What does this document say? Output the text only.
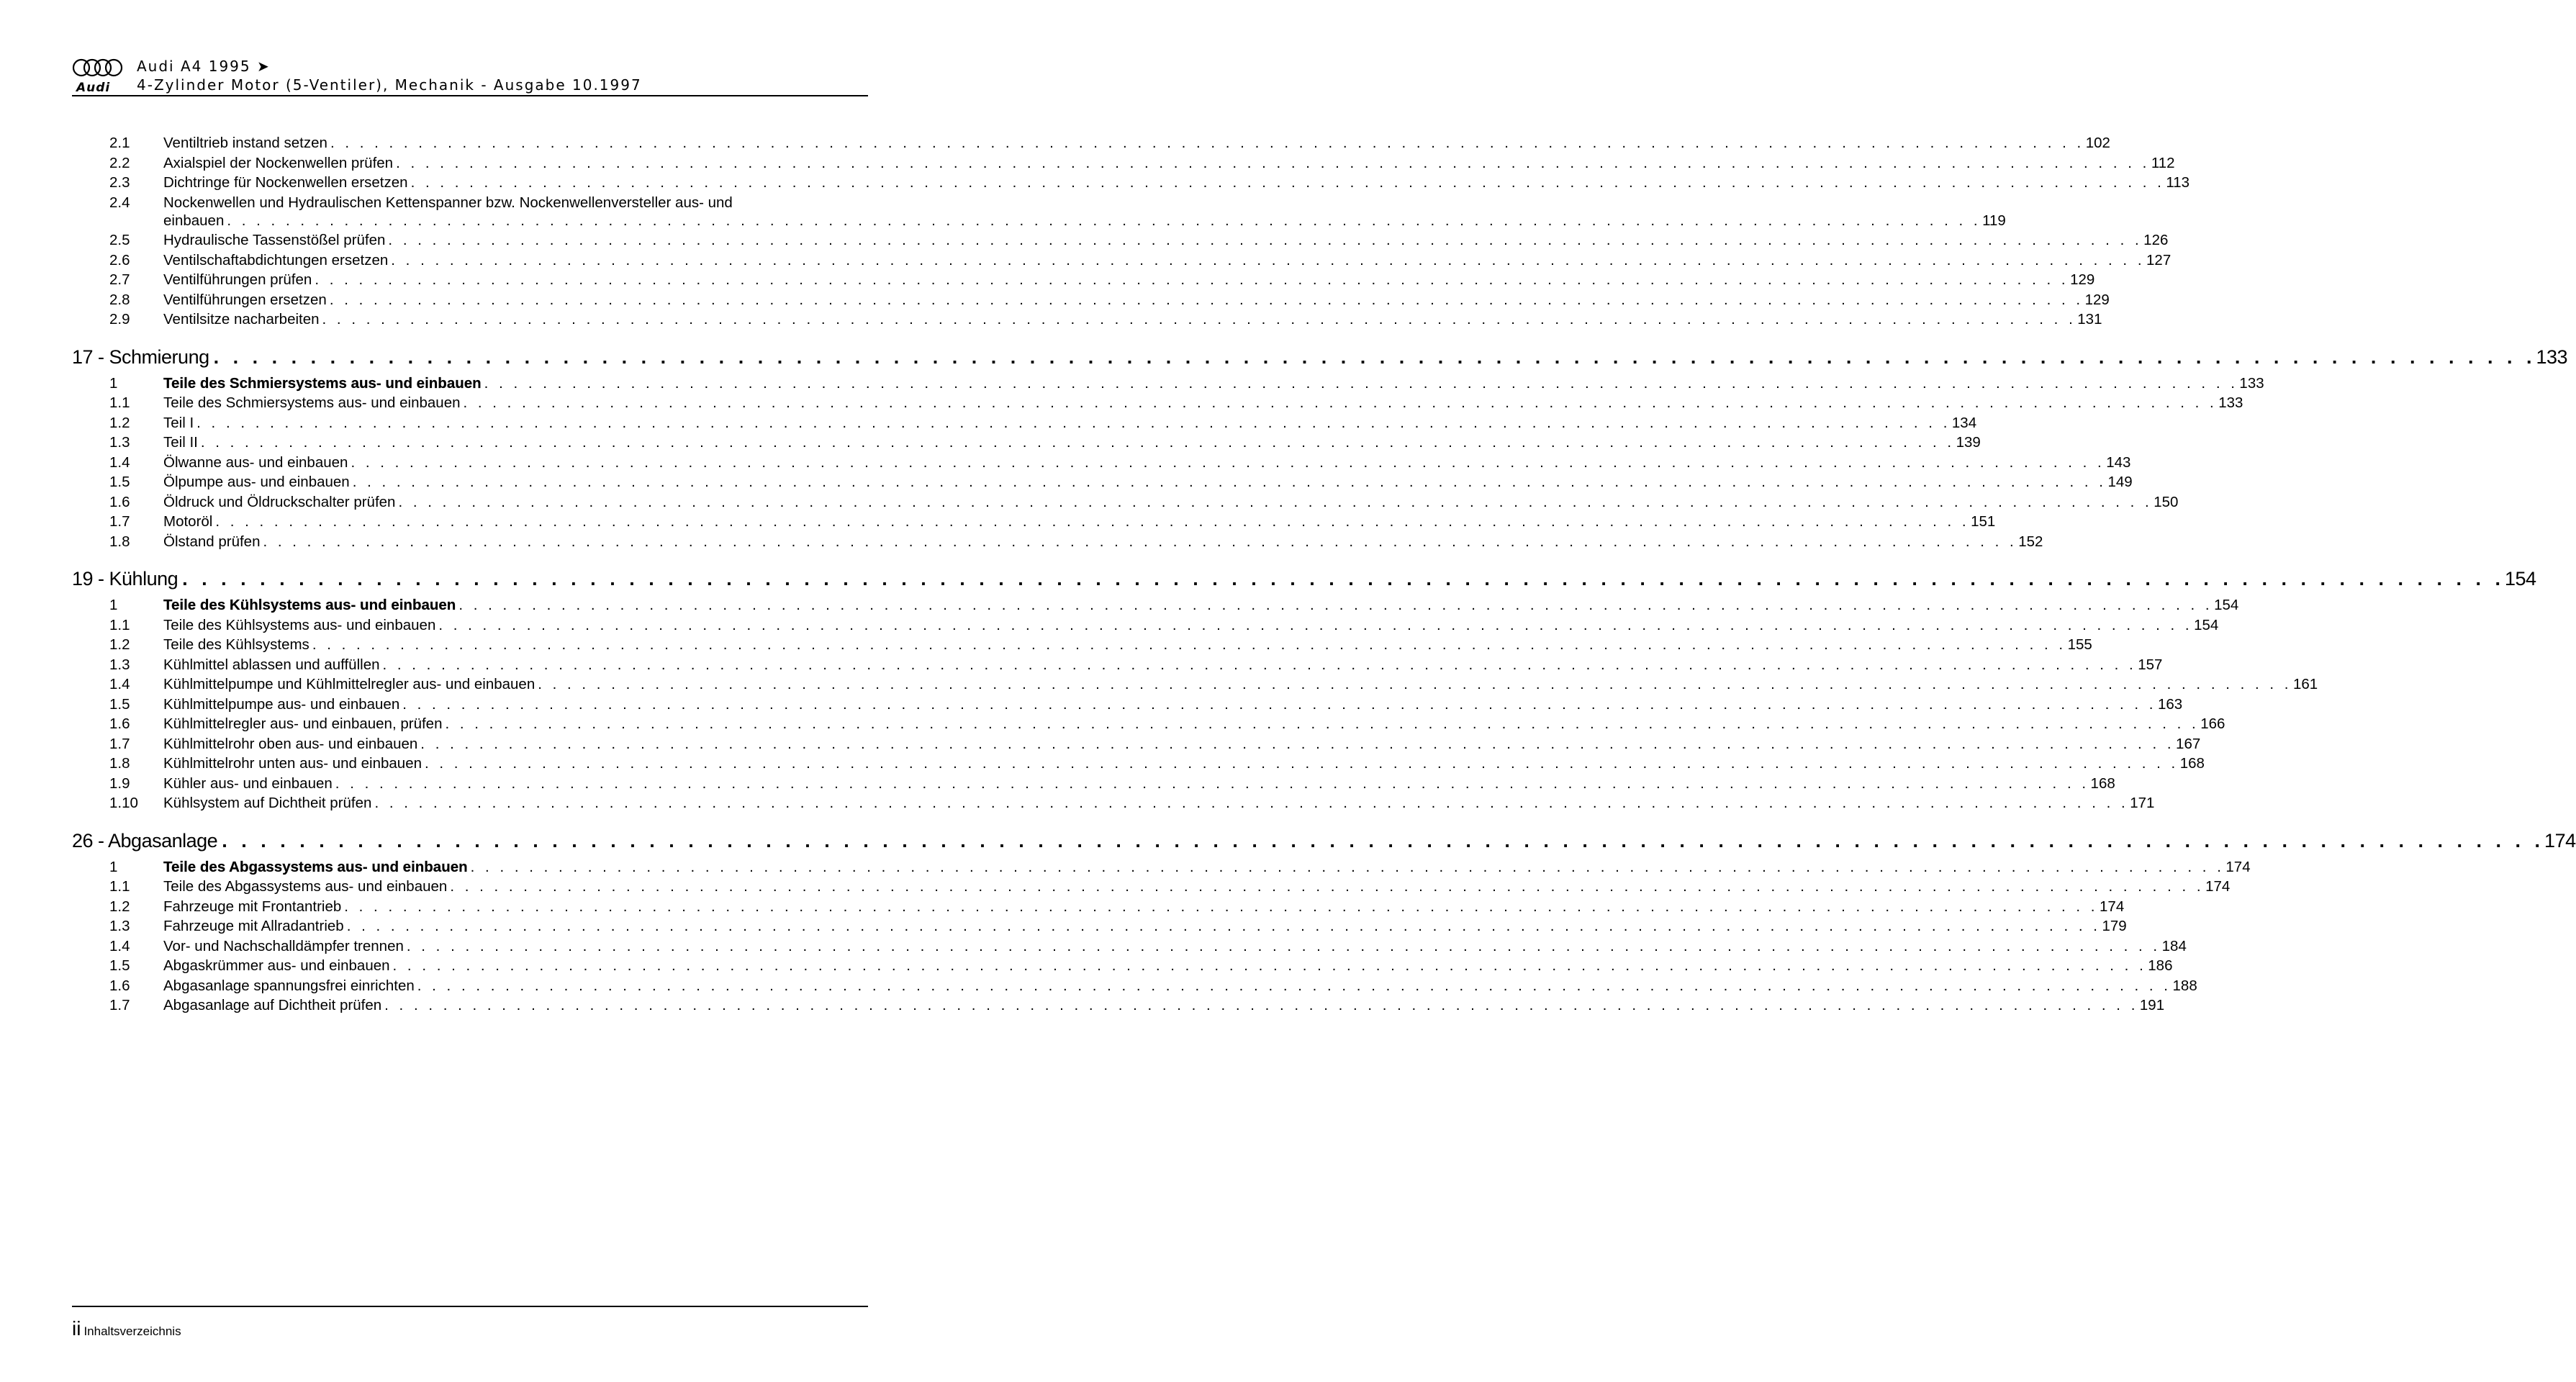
Audi
Audi A4 1995 ➤
4-Zylinder Motor (5-Ventiler), Mechanik - Ausgabe 10.1997
2.1	Ventiltrieb instand setzen . . . . . . . . . . . . . . . . . . . . . . . . . . . . . . . . . . . . . . . . . . . . . . . . . . . . . . . . . . . . . . . . . . . . . . . . . . . . . . . . . . . . . . . . . . . . . . . . . . . . . . . . . . . . . . . . . . . . . . . . 102
2.2	Axialspiel der Nockenwellen prüfen . . . . . . . . . . . . . . . . . . . . . . . . . . . . . . . . . . . . . . . . . . . . . . . . . . . . . . . . . . . . . . . . . . . . . . . . . . . . . . . . . . . . . . . . . . . . . . . . . . . . . . . . . . . . . . . . . . . . . . . . 112
2.3	Dichtringe für Nockenwellen ersetzen . . . . . . . . . . . . . . . . . . . . . . . . . . . . . . . . . . . . . . . . . . . . . . . . . . . . . . . . . . . . . . . . . . . . . . . . . . . . . . . . . . . . . . . . . . . . . . . . . . . . . . . . . . . . . . . . . . . . . . . . 113
2.4	Nockenwellen und Hydraulischen Kettenspanner bzw. Nockenwellenversteller aus- und
einbauen . . . . . . . . . . . . . . . . . . . . . . . . . . . . . . . . . . . . . . . . . . . . . . . . . . . . . . . . . . . . . . . . . . . . . . . . . . . . . . . . . . . . . . . . . . . . . . . . . . . . . . . . . . . . . . . . . . . . . . . . 119
2.5	Hydraulische Tassenstößel prüfen . . . . . . . . . . . . . . . . . . . . . . . . . . . . . . . . . . . . . . . . . . . . . . . . . . . . . . . . . . . . . . . . . . . . . . . . . . . . . . . . . . . . . . . . . . . . . . . . . . . . . . . . . . . . . . . . . . . . . . . . 126
2.6	Ventilschaftabdichtungen ersetzen . . . . . . . . . . . . . . . . . . . . . . . . . . . . . . . . . . . . . . . . . . . . . . . . . . . . . . . . . . . . . . . . . . . . . . . . . . . . . . . . . . . . . . . . . . . . . . . . . . . . . . . . . . . . . . . . . . . . . . . . 127
2.7	Ventilführungen prüfen . . . . . . . . . . . . . . . . . . . . . . . . . . . . . . . . . . . . . . . . . . . . . . . . . . . . . . . . . . . . . . . . . . . . . . . . . . . . . . . . . . . . . . . . . . . . . . . . . . . . . . . . . . . . . . . . . . . . . . . . 129
2.8	Ventilführungen ersetzen . . . . . . . . . . . . . . . . . . . . . . . . . . . . . . . . . . . . . . . . . . . . . . . . . . . . . . . . . . . . . . . . . . . . . . . . . . . . . . . . . . . . . . . . . . . . . . . . . . . . . . . . . . . . . . . . . . . . . . . . 129
2.9	Ventilsitze nacharbeiten . . . . . . . . . . . . . . . . . . . . . . . . . . . . . . . . . . . . . . . . . . . . . . . . . . . . . . . . . . . . . . . . . . . . . . . . . . . . . . . . . . . . . . . . . . . . . . . . . . . . . . . . . . . . . . . . . . . . . . . . 131
17 - Schmierung . . . . . . . . . . . . . . . . . . . . . . . . . . . . . . . . . . . . . . . . . . . . . . . . . . . . . . . . . . . . . . . . . . . . . . . . . . . . . . . . . . . . . . . . . . . . . . . . . . . . . . . . . . . . . . . . . . . . . . . . 133
1	Teile des Schmiersystems aus- und einbauen . . . . . . . . . . . . . . . . . . . . . . . . . . . . . . . . . . . . . . . . . . . . . . . . . . . . . . . . . . . . . . . . . . . . . . . . . . . . . . . . . . . . . . . . . . . . . . . . . . . . . . . . . . . . . . . . . . . . . . . . 133
1.1	Teile des Schmiersystems aus- und einbauen . . . . . . . . . . . . . . . . . . . . . . . . . . . . . . . . . . . . . . . . . . . . . . . . . . . . . . . . . . . . . . . . . . . . . . . . . . . . . . . . . . . . . . . . . . . . . . . . . . . . . . . . . . . . . . . . . . . . . . . . 133
1.2	Teil I . . . . . . . . . . . . . . . . . . . . . . . . . . . . . . . . . . . . . . . . . . . . . . . . . . . . . . . . . . . . . . . . . . . . . . . . . . . . . . . . . . . . . . . . . . . . . . . . . . . . . . . . . . . . . . . . . . . . . . . . 134
1.3	Teil II . . . . . . . . . . . . . . . . . . . . . . . . . . . . . . . . . . . . . . . . . . . . . . . . . . . . . . . . . . . . . . . . . . . . . . . . . . . . . . . . . . . . . . . . . . . . . . . . . . . . . . . . . . . . . . . . . . . . . . . . 139
1.4	Ölwanne aus- und einbauen . . . . . . . . . . . . . . . . . . . . . . . . . . . . . . . . . . . . . . . . . . . . . . . . . . . . . . . . . . . . . . . . . . . . . . . . . . . . . . . . . . . . . . . . . . . . . . . . . . . . . . . . . . . . . . . . . . . . . . . . 143
1.5	Ölpumpe aus- und einbauen . . . . . . . . . . . . . . . . . . . . . . . . . . . . . . . . . . . . . . . . . . . . . . . . . . . . . . . . . . . . . . . . . . . . . . . . . . . . . . . . . . . . . . . . . . . . . . . . . . . . . . . . . . . . . . . . . . . . . . . . 149
1.6	Öldruck und Öldruckschalter prüfen . . . . . . . . . . . . . . . . . . . . . . . . . . . . . . . . . . . . . . . . . . . . . . . . . . . . . . . . . . . . . . . . . . . . . . . . . . . . . . . . . . . . . . . . . . . . . . . . . . . . . . . . . . . . . . . . . . . . . . . . 150
1.7	Motoröl . . . . . . . . . . . . . . . . . . . . . . . . . . . . . . . . . . . . . . . . . . . . . . . . . . . . . . . . . . . . . . . . . . . . . . . . . . . . . . . . . . . . . . . . . . . . . . . . . . . . . . . . . . . . . . . . . . . . . . . . 151
1.8	Ölstand prüfen . . . . . . . . . . . . . . . . . . . . . . . . . . . . . . . . . . . . . . . . . . . . . . . . . . . . . . . . . . . . . . . . . . . . . . . . . . . . . . . . . . . . . . . . . . . . . . . . . . . . . . . . . . . . . . . . . . . . . . . . 152
19 - Kühlung . . . . . . . . . . . . . . . . . . . . . . . . . . . . . . . . . . . . . . . . . . . . . . . . . . . . . . . . . . . . . . . . . . . . . . . . . . . . . . . . . . . . . . . . . . . . . . . . . . . . . . . . . . . . . . . . . . . . . . . . 154
1	Teile des Kühlsystems aus- und einbauen . . . . . . . . . . . . . . . . . . . . . . . . . . . . . . . . . . . . . . . . . . . . . . . . . . . . . . . . . . . . . . . . . . . . . . . . . . . . . . . . . . . . . . . . . . . . . . . . . . . . . . . . . . . . . . . . . . . . . . . . 154
1.1	Teile des Kühlsystems aus- und einbauen . . . . . . . . . . . . . . . . . . . . . . . . . . . . . . . . . . . . . . . . . . . . . . . . . . . . . . . . . . . . . . . . . . . . . . . . . . . . . . . . . . . . . . . . . . . . . . . . . . . . . . . . . . . . . . . . . . . . . . . . 154
1.2	Teile des Kühlsystems . . . . . . . . . . . . . . . . . . . . . . . . . . . . . . . . . . . . . . . . . . . . . . . . . . . . . . . . . . . . . . . . . . . . . . . . . . . . . . . . . . . . . . . . . . . . . . . . . . . . . . . . . . . . . . . . . . . . . . . . 155
1.3	Kühlmittel ablassen und auffüllen . . . . . . . . . . . . . . . . . . . . . . . . . . . . . . . . . . . . . . . . . . . . . . . . . . . . . . . . . . . . . . . . . . . . . . . . . . . . . . . . . . . . . . . . . . . . . . . . . . . . . . . . . . . . . . . . . . . . . . . . 157
1.4	Kühlmittelpumpe und Kühlmittelregler aus- und einbauen . . . . . . . . . . . . . . . . . . . . . . . . . . . . . . . . . . . . . . . . . . . . . . . . . . . . . . . . . . . . . . . . . . . . . . . . . . . . . . . . . . . . . . . . . . . . . . . . . . . . . . . . . . . . . . . . . . . . . . . . 161
1.5	Kühlmittelpumpe aus- und einbauen . . . . . . . . . . . . . . . . . . . . . . . . . . . . . . . . . . . . . . . . . . . . . . . . . . . . . . . . . . . . . . . . . . . . . . . . . . . . . . . . . . . . . . . . . . . . . . . . . . . . . . . . . . . . . . . . . . . . . . . . 163
1.6	Kühlmittelregler aus- und einbauen, prüfen . . . . . . . . . . . . . . . . . . . . . . . . . . . . . . . . . . . . . . . . . . . . . . . . . . . . . . . . . . . . . . . . . . . . . . . . . . . . . . . . . . . . . . . . . . . . . . . . . . . . . . . . . . . . . . . . . . . . . . . . 166
1.7	Kühlmittelrohr oben aus- und einbauen . . . . . . . . . . . . . . . . . . . . . . . . . . . . . . . . . . . . . . . . . . . . . . . . . . . . . . . . . . . . . . . . . . . . . . . . . . . . . . . . . . . . . . . . . . . . . . . . . . . . . . . . . . . . . . . . . . . . . . . . 167
1.8	Kühlmittelrohr unten aus- und einbauen . . . . . . . . . . . . . . . . . . . . . . . . . . . . . . . . . . . . . . . . . . . . . . . . . . . . . . . . . . . . . . . . . . . . . . . . . . . . . . . . . . . . . . . . . . . . . . . . . . . . . . . . . . . . . . . . . . . . . . . . 168
1.9	Kühler aus- und einbauen . . . . . . . . . . . . . . . . . . . . . . . . . . . . . . . . . . . . . . . . . . . . . . . . . . . . . . . . . . . . . . . . . . . . . . . . . . . . . . . . . . . . . . . . . . . . . . . . . . . . . . . . . . . . . . . . . . . . . . . . 168
1.10	Kühlsystem auf Dichtheit prüfen . . . . . . . . . . . . . . . . . . . . . . . . . . . . . . . . . . . . . . . . . . . . . . . . . . . . . . . . . . . . . . . . . . . . . . . . . . . . . . . . . . . . . . . . . . . . . . . . . . . . . . . . . . . . . . . . . . . . . . . . 171
26 - Abgasanlage . . . . . . . . . . . . . . . . . . . . . . . . . . . . . . . . . . . . . . . . . . . . . . . . . . . . . . . . . . . . . . . . . . . . . . . . . . . . . . . . . . . . . . . . . . . . . . . . . . . . . . . . . . . . . . . . . . . . . . . . 174
1	Teile des Abgassystems aus- und einbauen . . . . . . . . . . . . . . . . . . . . . . . . . . . . . . . . . . . . . . . . . . . . . . . . . . . . . . . . . . . . . . . . . . . . . . . . . . . . . . . . . . . . . . . . . . . . . . . . . . . . . . . . . . . . . . . . . . . . . . . . 174
1.1	Teile des Abgassystems aus- und einbauen . . . . . . . . . . . . . . . . . . . . . . . . . . . . . . . . . . . . . . . . . . . . . . . . . . . . . . . . . . . . . . . . . . . . . . . . . . . . . . . . . . . . . . . . . . . . . . . . . . . . . . . . . . . . . . . . . . . . . . . . 174
1.2	Fahrzeuge mit Frontantrieb . . . . . . . . . . . . . . . . . . . . . . . . . . . . . . . . . . . . . . . . . . . . . . . . . . . . . . . . . . . . . . . . . . . . . . . . . . . . . . . . . . . . . . . . . . . . . . . . . . . . . . . . . . . . . . . . . . . . . . . . 174
1.3	Fahrzeuge mit Allradantrieb . . . . . . . . . . . . . . . . . . . . . . . . . . . . . . . . . . . . . . . . . . . . . . . . . . . . . . . . . . . . . . . . . . . . . . . . . . . . . . . . . . . . . . . . . . . . . . . . . . . . . . . . . . . . . . . . . . . . . . . . 179
1.4	Vor- und Nachschalldämpfer trennen . . . . . . . . . . . . . . . . . . . . . . . . . . . . . . . . . . . . . . . . . . . . . . . . . . . . . . . . . . . . . . . . . . . . . . . . . . . . . . . . . . . . . . . . . . . . . . . . . . . . . . . . . . . . . . . . . . . . . . . . 184
1.5	Abgaskrümmer aus- und einbauen . . . . . . . . . . . . . . . . . . . . . . . . . . . . . . . . . . . . . . . . . . . . . . . . . . . . . . . . . . . . . . . . . . . . . . . . . . . . . . . . . . . . . . . . . . . . . . . . . . . . . . . . . . . . . . . . . . . . . . . . 186
1.6	Abgasanlage spannungsfrei einrichten . . . . . . . . . . . . . . . . . . . . . . . . . . . . . . . . . . . . . . . . . . . . . . . . . . . . . . . . . . . . . . . . . . . . . . . . . . . . . . . . . . . . . . . . . . . . . . . . . . . . . . . . . . . . . . . . . . . . . . . . 188
1.7	Abgasanlage auf Dichtheit prüfen . . . . . . . . . . . . . . . . . . . . . . . . . . . . . . . . . . . . . . . . . . . . . . . . . . . . . . . . . . . . . . . . . . . . . . . . . . . . . . . . . . . . . . . . . . . . . . . . . . . . . . . . . . . . . . . . . . . . . . . . 191
ii Inhaltsverzeichnis
